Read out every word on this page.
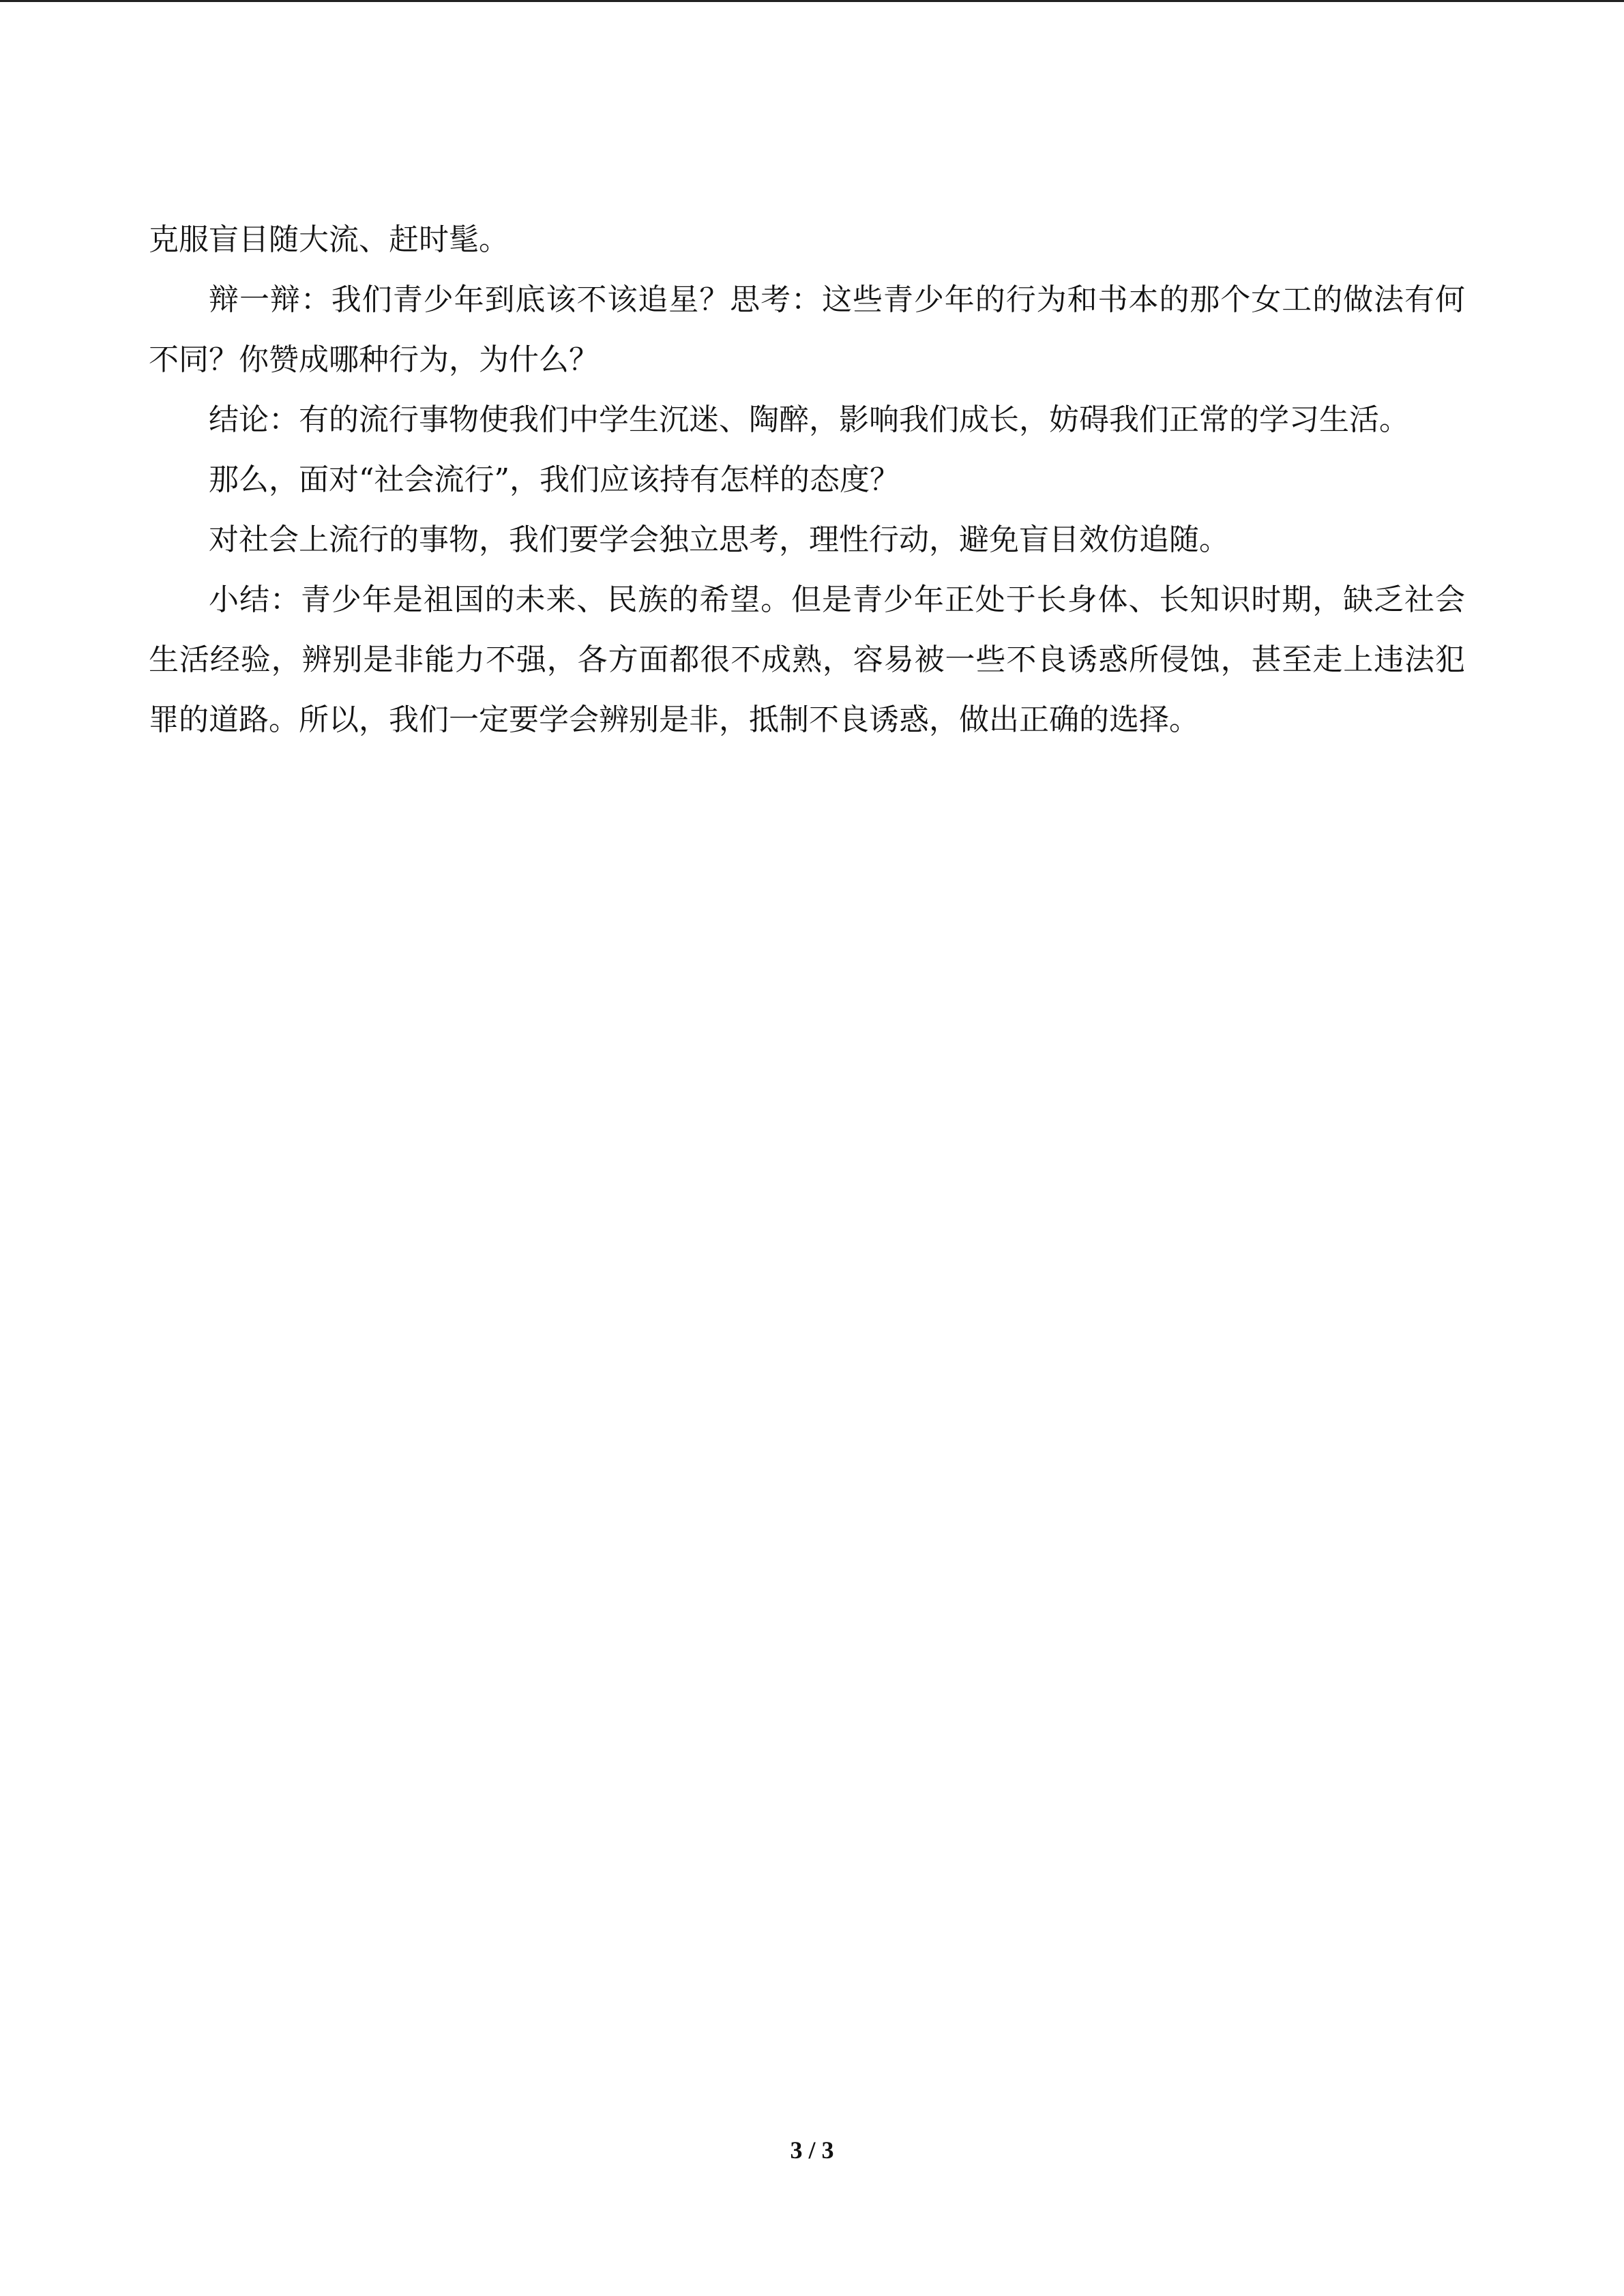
克服盲目随大流、赶时髦。

辩一辩：我们青少年到底该不该追星？思考：这些青少年的行为和书本的那个女工的做法有何不同？你赞成哪种行为，为什么？

结论：有的流行事物使我们中学生沉迷、陶醉，影响我们成长，妨碍我们正常的学习生活。

那么，面对“社会流行”，我们应该持有怎样的态度？

对社会上流行的事物，我们要学会独立思考，理性行动，避免盲目效仿追随。

小结：青少年是祖国的未来、民族的希望。但是青少年正处于长身体、长知识时期，缺乏社会生活经验，辨别是非能力不强，各方面都很不成熟，容易被一些不良诱惑所侵蚀，甚至走上违法犯罪的道路。所以，我们一定要学会辨别是非，抵制不良诱惑，做出正确的选择。

3 / 3
